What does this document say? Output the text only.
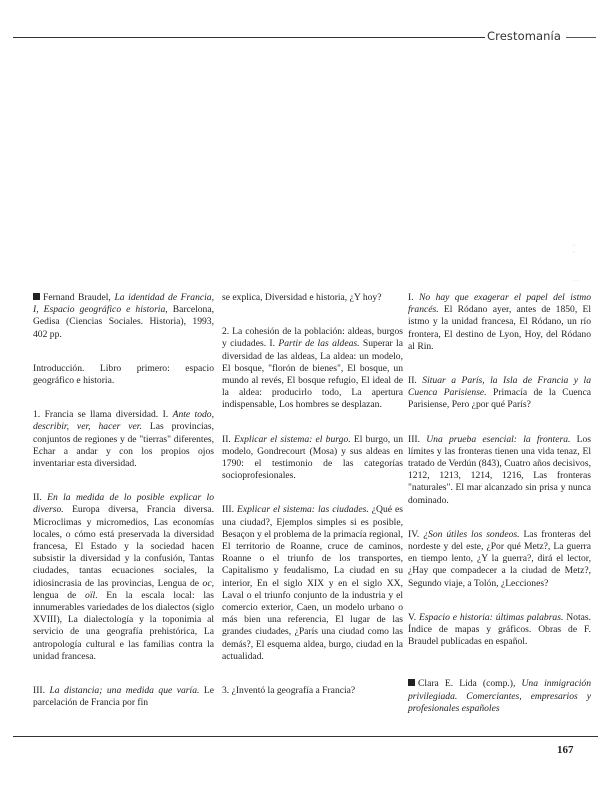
Crestomanía
·
·

· ·

Fernand Braudel, La identidad de Francia, I, Espacio geográfico e historia, Barcelona, Gedisa (Ciencias Sociales. Historia), 1993, 402 pp.

Introducción. Libro primero: espacio geográfico e historia.

1. Francia se llama diversidad. I. Ante todo, describir, ver, hacer ver. Las provincias, conjuntos de regiones y de "tierras" diferentes, Echar a andar y con los propios ojos inventariar esta diversidad.

II. En la medida de lo posible explicar lo diverso. Europa diversa, Francia diversa. Microclimas y micromedios, Las economías locales, o cómo está preservada la diversidad francesa, El Estado y la sociedad hacen subsistir la diversidad y la confusión, Tantas ciudades, tantas ecuaciones sociales, la idiosincrasia de las provincias, Lengua de oc, lengua de oïl. En la escala local: las innumerables variedades de los dialectos (siglo XVIII), La dialectología y la toponimia al servicio de una geografía prehistórica, La antropología cultural e las familias contra la unidad francesa.

III. La distancia; una medida que varía. Le parcelación de Francia por fin

se explica, Diversidad e historia, ¿Y hoy?

2. La cohesión de la población: aldeas, burgos y ciudades. I. Partir de las aldeas. Superar la diversidad de las aldeas, La aldea: un modelo, El bosque, "florón de bienes", El bosque, un mundo al revés, El bosque refugio, El ideal de la aldea: producirlo todo, La apertura indispensable, Los hombres se desplazan.

II. Explicar el sistema: el burgo. El burgo, un modelo, Gondrecourt (Mosa) y sus aldeas en 1790: el testimonio de las categorías socioprofesionales.

III. Explicar el sistema: las ciudades. ¿Qué es una ciudad?, Ejemplos simples si es posible, Besaçon y el problema de la primacía regional, El territorio de Roanne, cruce de caminos, Roanne o el triunfo de los transportes, Capitalismo y feudalismo, La ciudad en su interior, En el siglo XIX y en el siglo XX, Laval o el triunfo conjunto de la industria y el comercio exterior, Caen, un modelo urbano o más bien una referencia, El lugar de las grandes ciudades, ¿París una ciudad como las demás?, El esquema aldea, burgo, ciudad en la actualidad.

3. ¿Inventó la geografía a Francia?

I. No hay que exagerar el papel del istmo francés. El Ródano ayer, antes de 1850, El istmo y la unidad francesa, El Ródano, un río frontera, El destino de Lyon, Hoy, del Ródano al Rin.

II. Situar a París, la Isla de Francia y la Cuenca Parisiense. Primacía de la Cuenca Parisiense, Pero ¿por qué París?

III. Una prueba esencial: la frontera. Los límites y las fronteras tienen una vida tenaz, El tratado de Verdún (843), Cuatro años decisivos, 1212, 1213, 1214, 1216, Las fronteras "naturales". El mar alcanzado sin prisa y nunca dominado.

IV. ¿Son útiles los sondeos. Las fronteras del nordeste y del este, ¿Por qué Metz?, La guerra en tiempo lento, ¿Y la guerra?, dirá el lector, ¿Hay que compadecer a la ciudad de Metz?, Segundo viaje, a Tolón, ¿Lecciones?

V. Espacio e historia: últimas palabras. Notas. Índice de mapas y gráficos. Obras de F. Braudel publicadas en español.

Clara E. Lida (comp.), Una inmigración privilegiada. Comerciantes, empresarios y profesionales españoles

167
